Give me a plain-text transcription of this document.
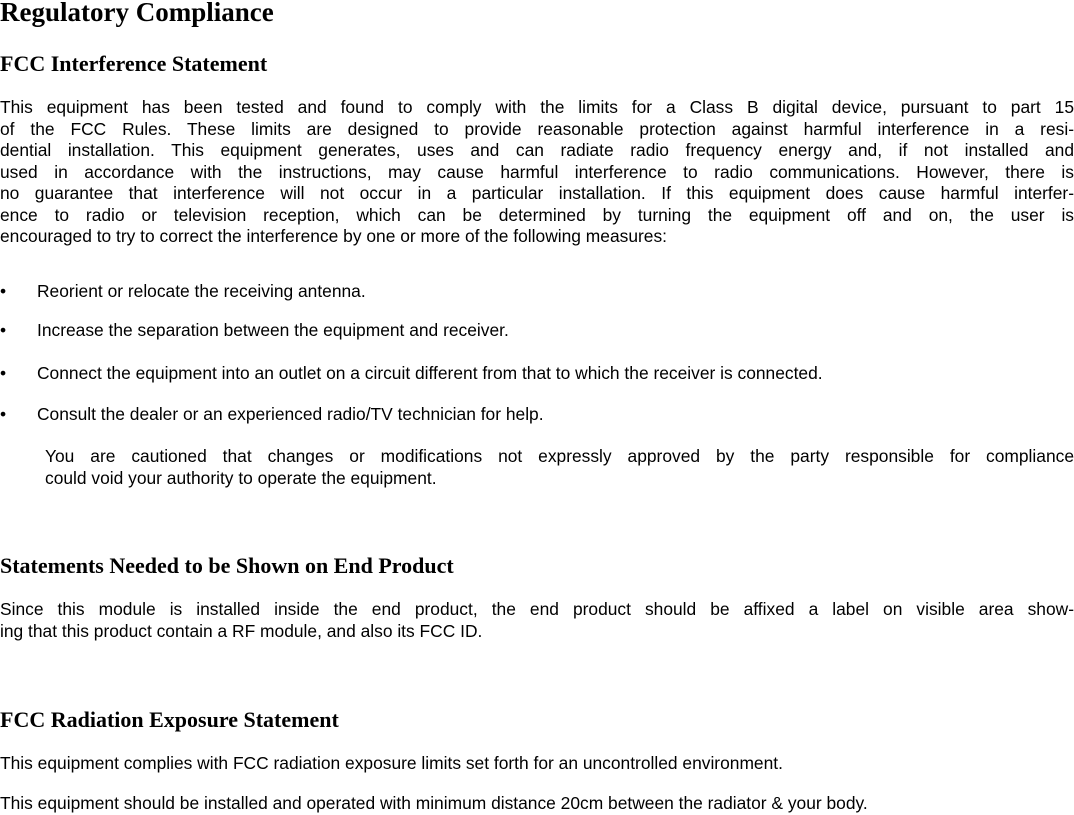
Regulatory Compliance
FCC Interference Statement
This equipment has been tested and found to comply with the limits for a Class B digital device, pursuant to part 15
of the FCC Rules. These limits are designed to provide reasonable protection against harmful interference in a resi-
dential installation. This equipment generates, uses and can radiate radio frequency energy and, if not installed and
used in accordance with the instructions, may cause harmful interference to radio communications. However, there is
no guarantee that interference will not occur in a particular installation. If this equipment does cause harmful interfer-
ence to radio or television reception, which can be determined by turning the equipment off and on, the user is
encouraged to try to correct the interference by one or more of the following measures:
• Reorient or relocate the receiving antenna.
• Increase the separation between the equipment and receiver.
• Connect the equipment into an outlet on a circuit different from that to which the receiver is connected.
• Consult the dealer or an experienced radio/TV technician for help.
You are cautioned that changes or modifications not expressly approved by the party responsible for compliance
could void your authority to operate the equipment.
Statements Needed to be Shown on End Product
Since this module is installed inside the end product, the end product should be affixed a label on visible area show-
ing that this product contain a RF module, and also its FCC ID.
FCC Radiation Exposure Statement
This equipment complies with FCC radiation exposure limits set forth for an uncontrolled environment.
This equipment should be installed and operated with minimum distance 20cm between the radiator & your body.
